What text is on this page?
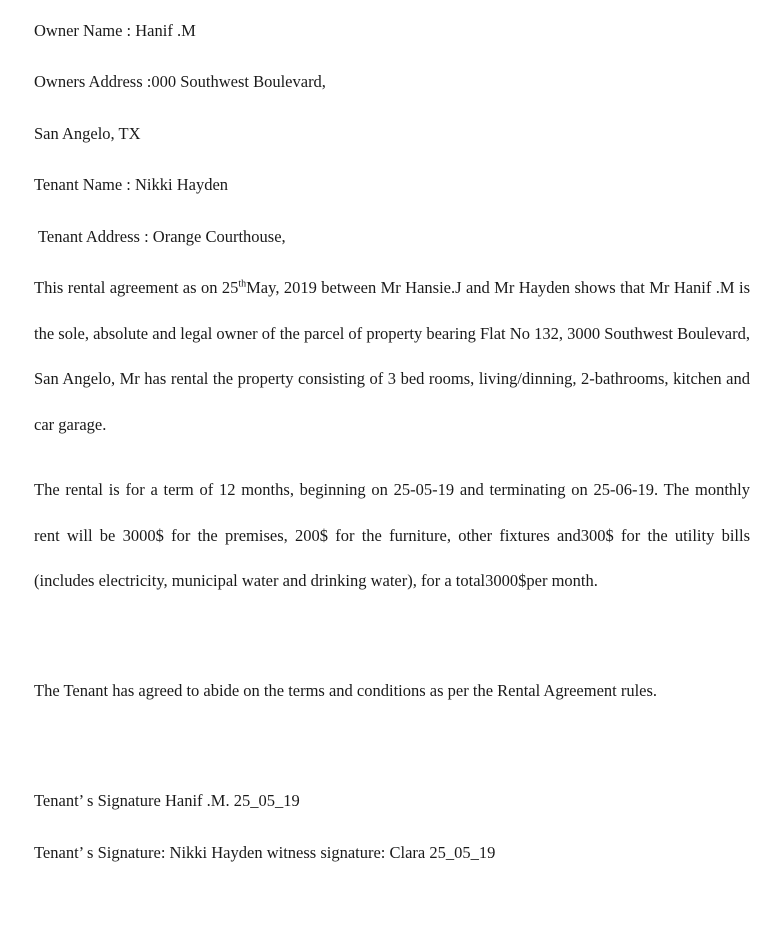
Owner Name : Hanif .M
Owners Address :000 Southwest Boulevard,
San Angelo, TX
Tenant Name : Nikki Hayden
Tenant Address : Orange Courthouse,

This rental agreement as on 25thMay, 2019 between Mr Hansie.J and Mr Hayden shows that Mr Hanif .M is the sole, absolute and legal owner of the parcel of property bearing Flat No 132, 3000 Southwest Boulevard, San Angelo, Mr has rental the property consisting of 3 bed rooms, living/dinning, 2-bathrooms, kitchen and car garage.

The rental is for a term of 12 months, beginning on 25-05-19 and terminating on 25-06-19. The monthly rent will be 3000$ for the premises, 200$ for the furniture, other fixtures and300$ for the utility bills (includes electricity, municipal water and drinking water), for a total3000$per month.

The Tenant has agreed to abide on the terms and conditions as per the Rental Agreement rules.

Tenant’ s Signature Hanif .M. 25_05_19
Tenant’ s Signature: Nikki Hayden witness signature: Clara 25_05_19
